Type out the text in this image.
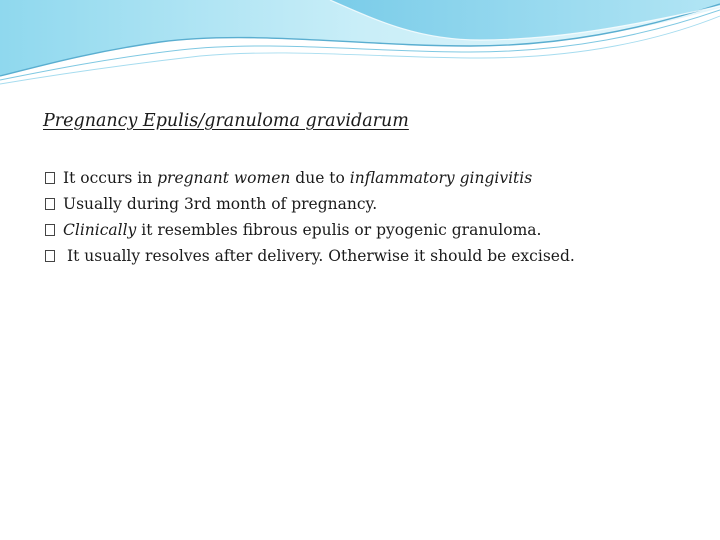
Pregnancy Epulis/granuloma gravidarum
It occurs in pregnant women due to inflammatory gingivitis
Usually during 3rd month of pregnancy.
Clinically it resembles fibrous epulis or pyogenic granuloma.
It usually resolves after delivery. Otherwise it should be excised.
